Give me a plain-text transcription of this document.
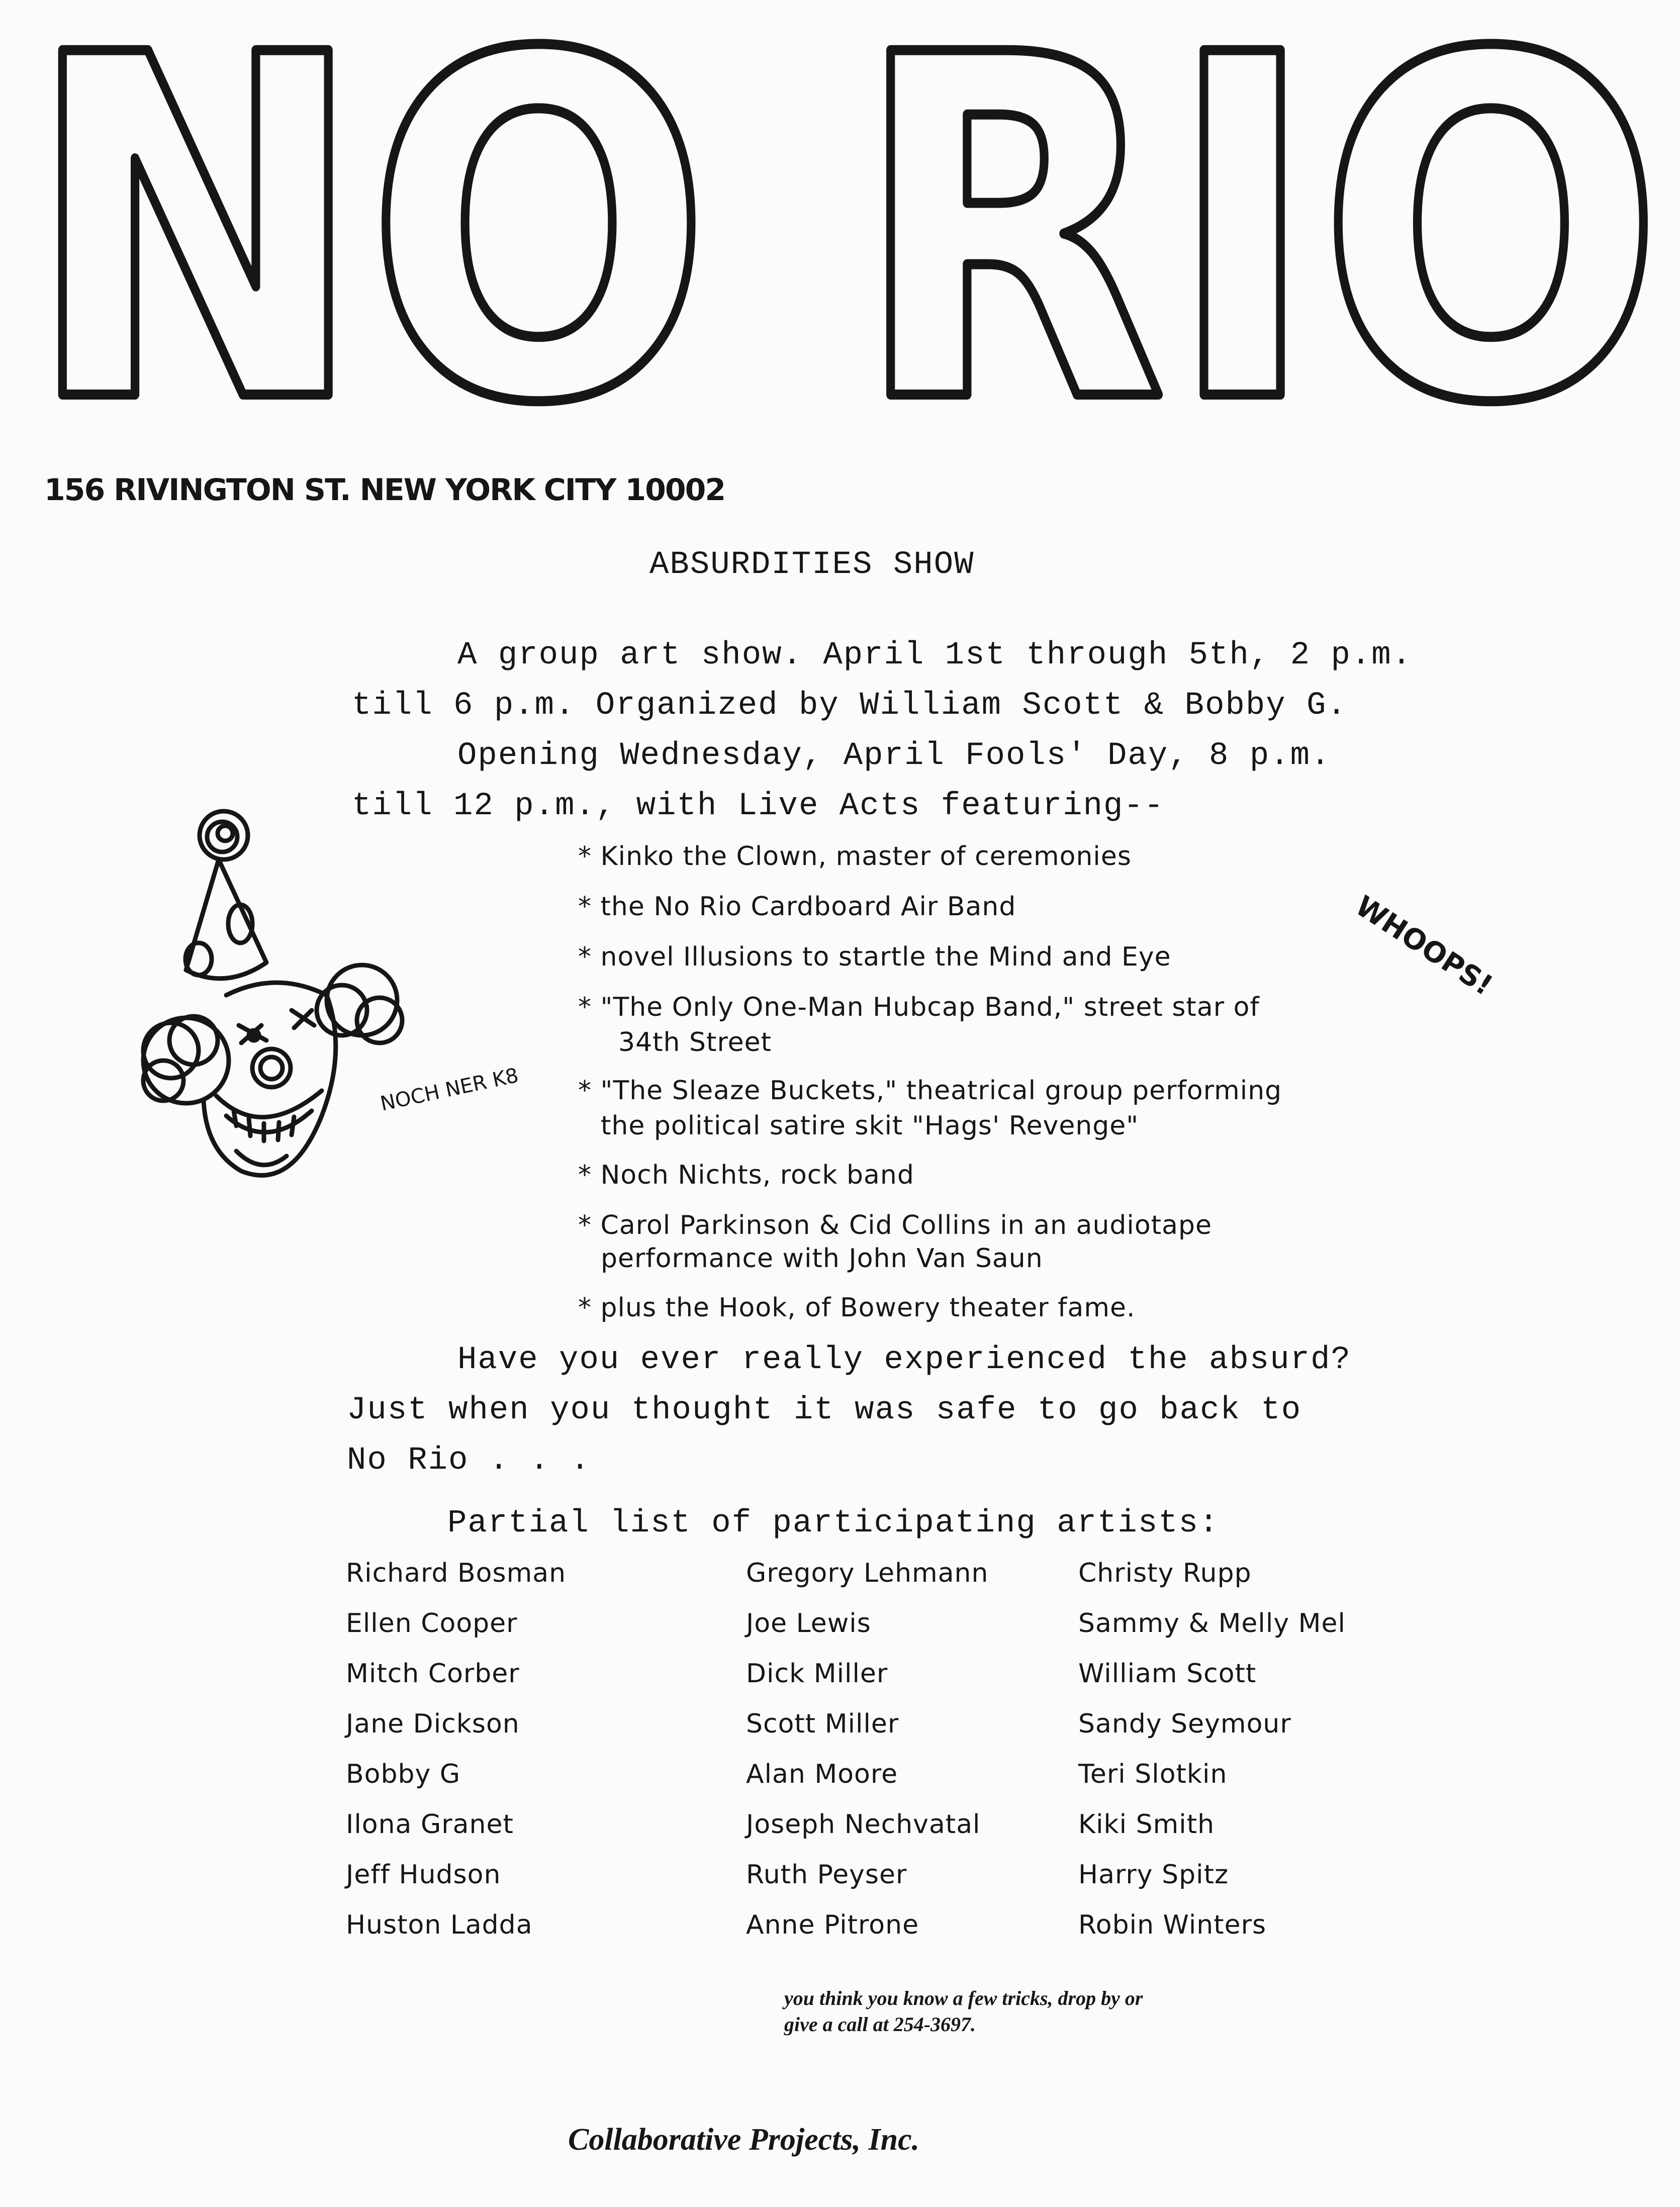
NO RIO
156 RIVINGTON ST. NEW YORK CITY 10002
ABSURDITIES SHOW
A group art show. April 1st through 5th, 2 p.m.
till 6 p.m. Organized by William Scott & Bobby G.
Opening Wednesday, April Fools' Day, 8 p.m.
till 12 p.m., with Live Acts featuring--
NOCH NER K8
* Kinko the Clown, master of ceremonies
* the No Rio Cardboard Air Band
* novel Illusions to startle the Mind and Eye
* "The Only One-Man Hubcap Band," street star of
34th Street
* "The Sleaze Buckets," theatrical group performing
the political satire skit "Hags' Revenge"
* Noch Nichts, rock band
* Carol Parkinson & Cid Collins in an audiotape
performance with John Van Saun
* plus the Hook, of Bowery theater fame.
WHOOPS!
Have you ever really experienced the absurd?
Just when you thought it was safe to go back to
No Rio . . .
Partial list of participating artists:
Richard Bosman
Ellen Cooper
Mitch Corber
Jane Dickson
Bobby G
Ilona Granet
Jeff Hudson
Huston Ladda
Gregory Lehmann
Joe Lewis
Dick Miller
Scott Miller
Alan Moore
Joseph Nechvatal
Ruth Peyser
Anne Pitrone
Christy Rupp
Sammy & Melly Mel
William Scott
Sandy Seymour
Teri Slotkin
Kiki Smith
Harry Spitz
Robin Winters
you think you know a few tricks, drop by or
give a call at 254-3697.
Collaborative Projects, Inc.
